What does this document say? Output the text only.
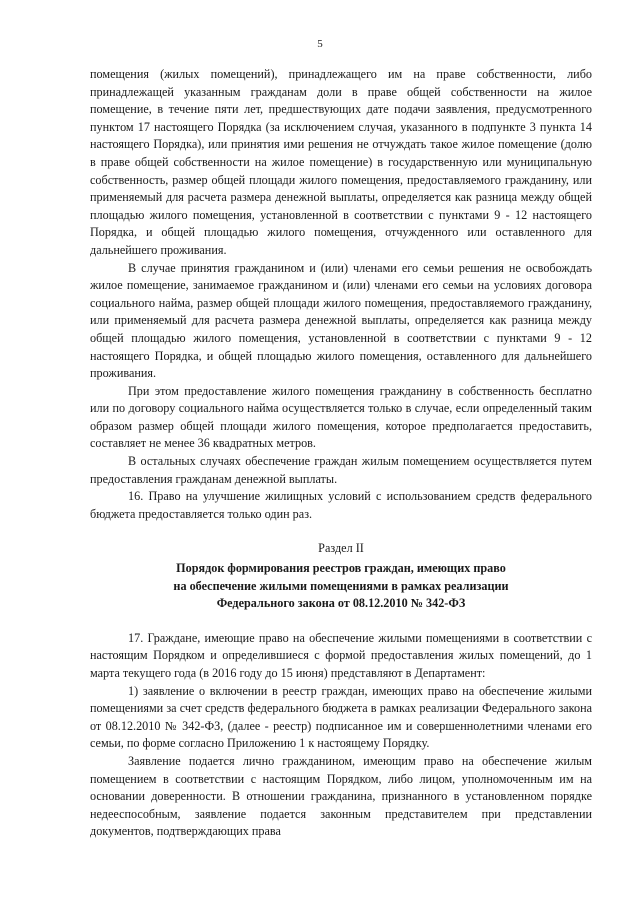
5

помещения (жилых помещений), принадлежащего им на праве собственности, либо принадлежащей указанным гражданам доли в праве общей собственности на жилое помещение, в течение пяти лет, предшествующих дате подачи заявления, предусмотренного пунктом 17 настоящего Порядка (за исключением случая, указанного в подпункте 3 пункта 14 настоящего Порядка), или принятия ими решения не отчуждать такое жилое помещение (долю в праве общей собственности на жилое помещение) в государственную или муниципальную собственность, размер общей площади жилого помещения, предоставляемого гражданину, или применяемый для расчета размера денежной выплаты, определяется как разница между общей площадью жилого помещения, установленной в соответствии с пунктами 9 - 12 настоящего Порядка, и общей площадью жилого помещения, отчужденного или оставленного для дальнейшего проживания.

В случае принятия гражданином и (или) членами его семьи решения не освобождать жилое помещение, занимаемое гражданином и (или) членами его семьи на условиях договора социального найма, размер общей площади жилого помещения, предоставляемого гражданину, или применяемый для расчета размера денежной выплаты, определяется как разница между общей площадью жилого помещения, установленной в соответствии с пунктами 9 - 12 настоящего Порядка, и общей площадью жилого помещения, оставленного для дальнейшего проживания.

При этом предоставление жилого помещения гражданину в собственность бесплатно или по договору социального найма осуществляется только в случае, если определенный таким образом размер общей площади жилого помещения, которое предполагается предоставить, составляет не менее 36 квадратных метров.

В остальных случаях обеспечение граждан жилым помещением осуществляется путем предоставления гражданам денежной выплаты.

16. Право на улучшение жилищных условий с использованием средств федерального бюджета предоставляется только один раз.

Раздел II
Порядок формирования реестров граждан, имеющих право
на обеспечение жилыми помещениями в рамках реализации
Федерального закона от 08.12.2010 № 342-ФЗ

17. Граждане, имеющие право на обеспечение жилыми помещениями в соответствии с настоящим Порядком и определившиеся с формой предоставления жилых помещений, до 1 марта текущего года (в 2016 году до 15 июня) представляют в Департамент:

1) заявление о включении в реестр граждан, имеющих право на обеспечение жилыми помещениями за счет средств федерального бюджета в рамках реализации Федерального закона от 08.12.2010 № 342-ФЗ, (далее - реестр) подписанное им и совершеннолетними членами его семьи, по форме согласно Приложению 1 к настоящему Порядку.

Заявление подается лично гражданином, имеющим право на обеспечение жилым помещением в соответствии с настоящим Порядком, либо лицом, уполномоченным им на основании доверенности. В отношении гражданина, признанного в установленном порядке недееспособным, заявление подается законным представителем при представлении документов, подтверждающих права
